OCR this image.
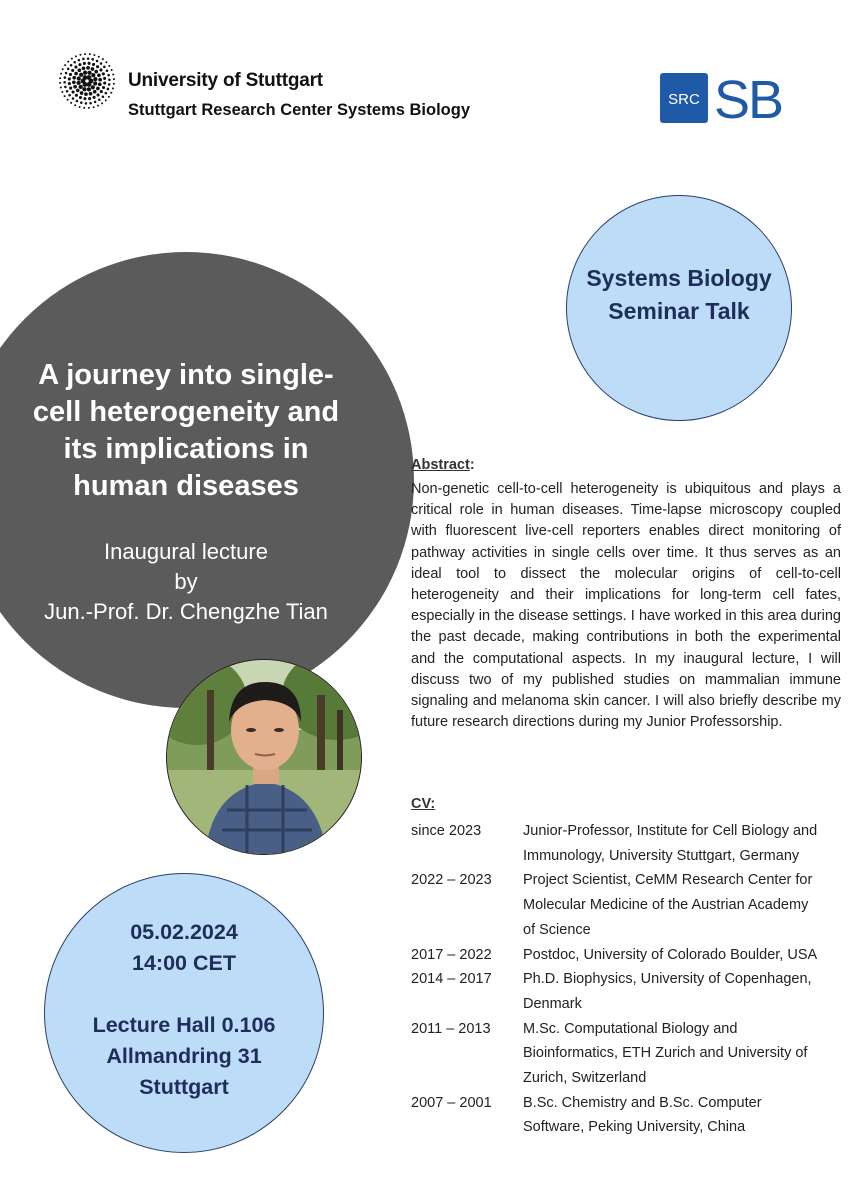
University of Stuttgart
Stuttgart Research Center Systems Biology
SRC SB
Systems Biology
Seminar Talk
A journey into single-
cell heterogeneity and
its implications in
human diseases
Inaugural lecture
by
Jun.-Prof. Dr. Chengzhe Tian
05.02.2024
14:00 CET
Lecture Hall 0.106
Allmandring 31
Stuttgart
Abstract:
Non-genetic cell-to-cell heterogeneity is ubiquitous and plays a critical role in human diseases. Time-lapse microscopy coupled with fluorescent live-cell reporters enables direct monitoring of pathway activities in single cells over time. It thus serves as an ideal tool to dissect the molecular origins of cell-to-cell heterogeneity and their implications for long-term cell fates, especially in the disease settings. I have worked in this area during the past decade, making contributions in both the experimental and the computational aspects. In my inaugural lecture, I will discuss two of my published studies on mammalian immune signaling and melanoma skin cancer. I will also briefly describe my future research directions during my Junior Professorship.
CV:
since 2023	Junior-Professor, Institute for Cell Biology and
Immunology, University Stuttgart, Germany
2022 – 2023	Project Scientist, CeMM Research Center for
Molecular Medicine of the Austrian Academy
of Science
2017 – 2022	Postdoc, University of Colorado Boulder, USA
2014 – 2017	Ph.D. Biophysics, University of Copenhagen,
Denmark
2011 – 2013	M.Sc. Computational Biology and
Bioinformatics, ETH Zurich and University of
Zurich, Switzerland
2007 – 2001	B.Sc. Chemistry and B.Sc. Computer
Software, Peking University, China
